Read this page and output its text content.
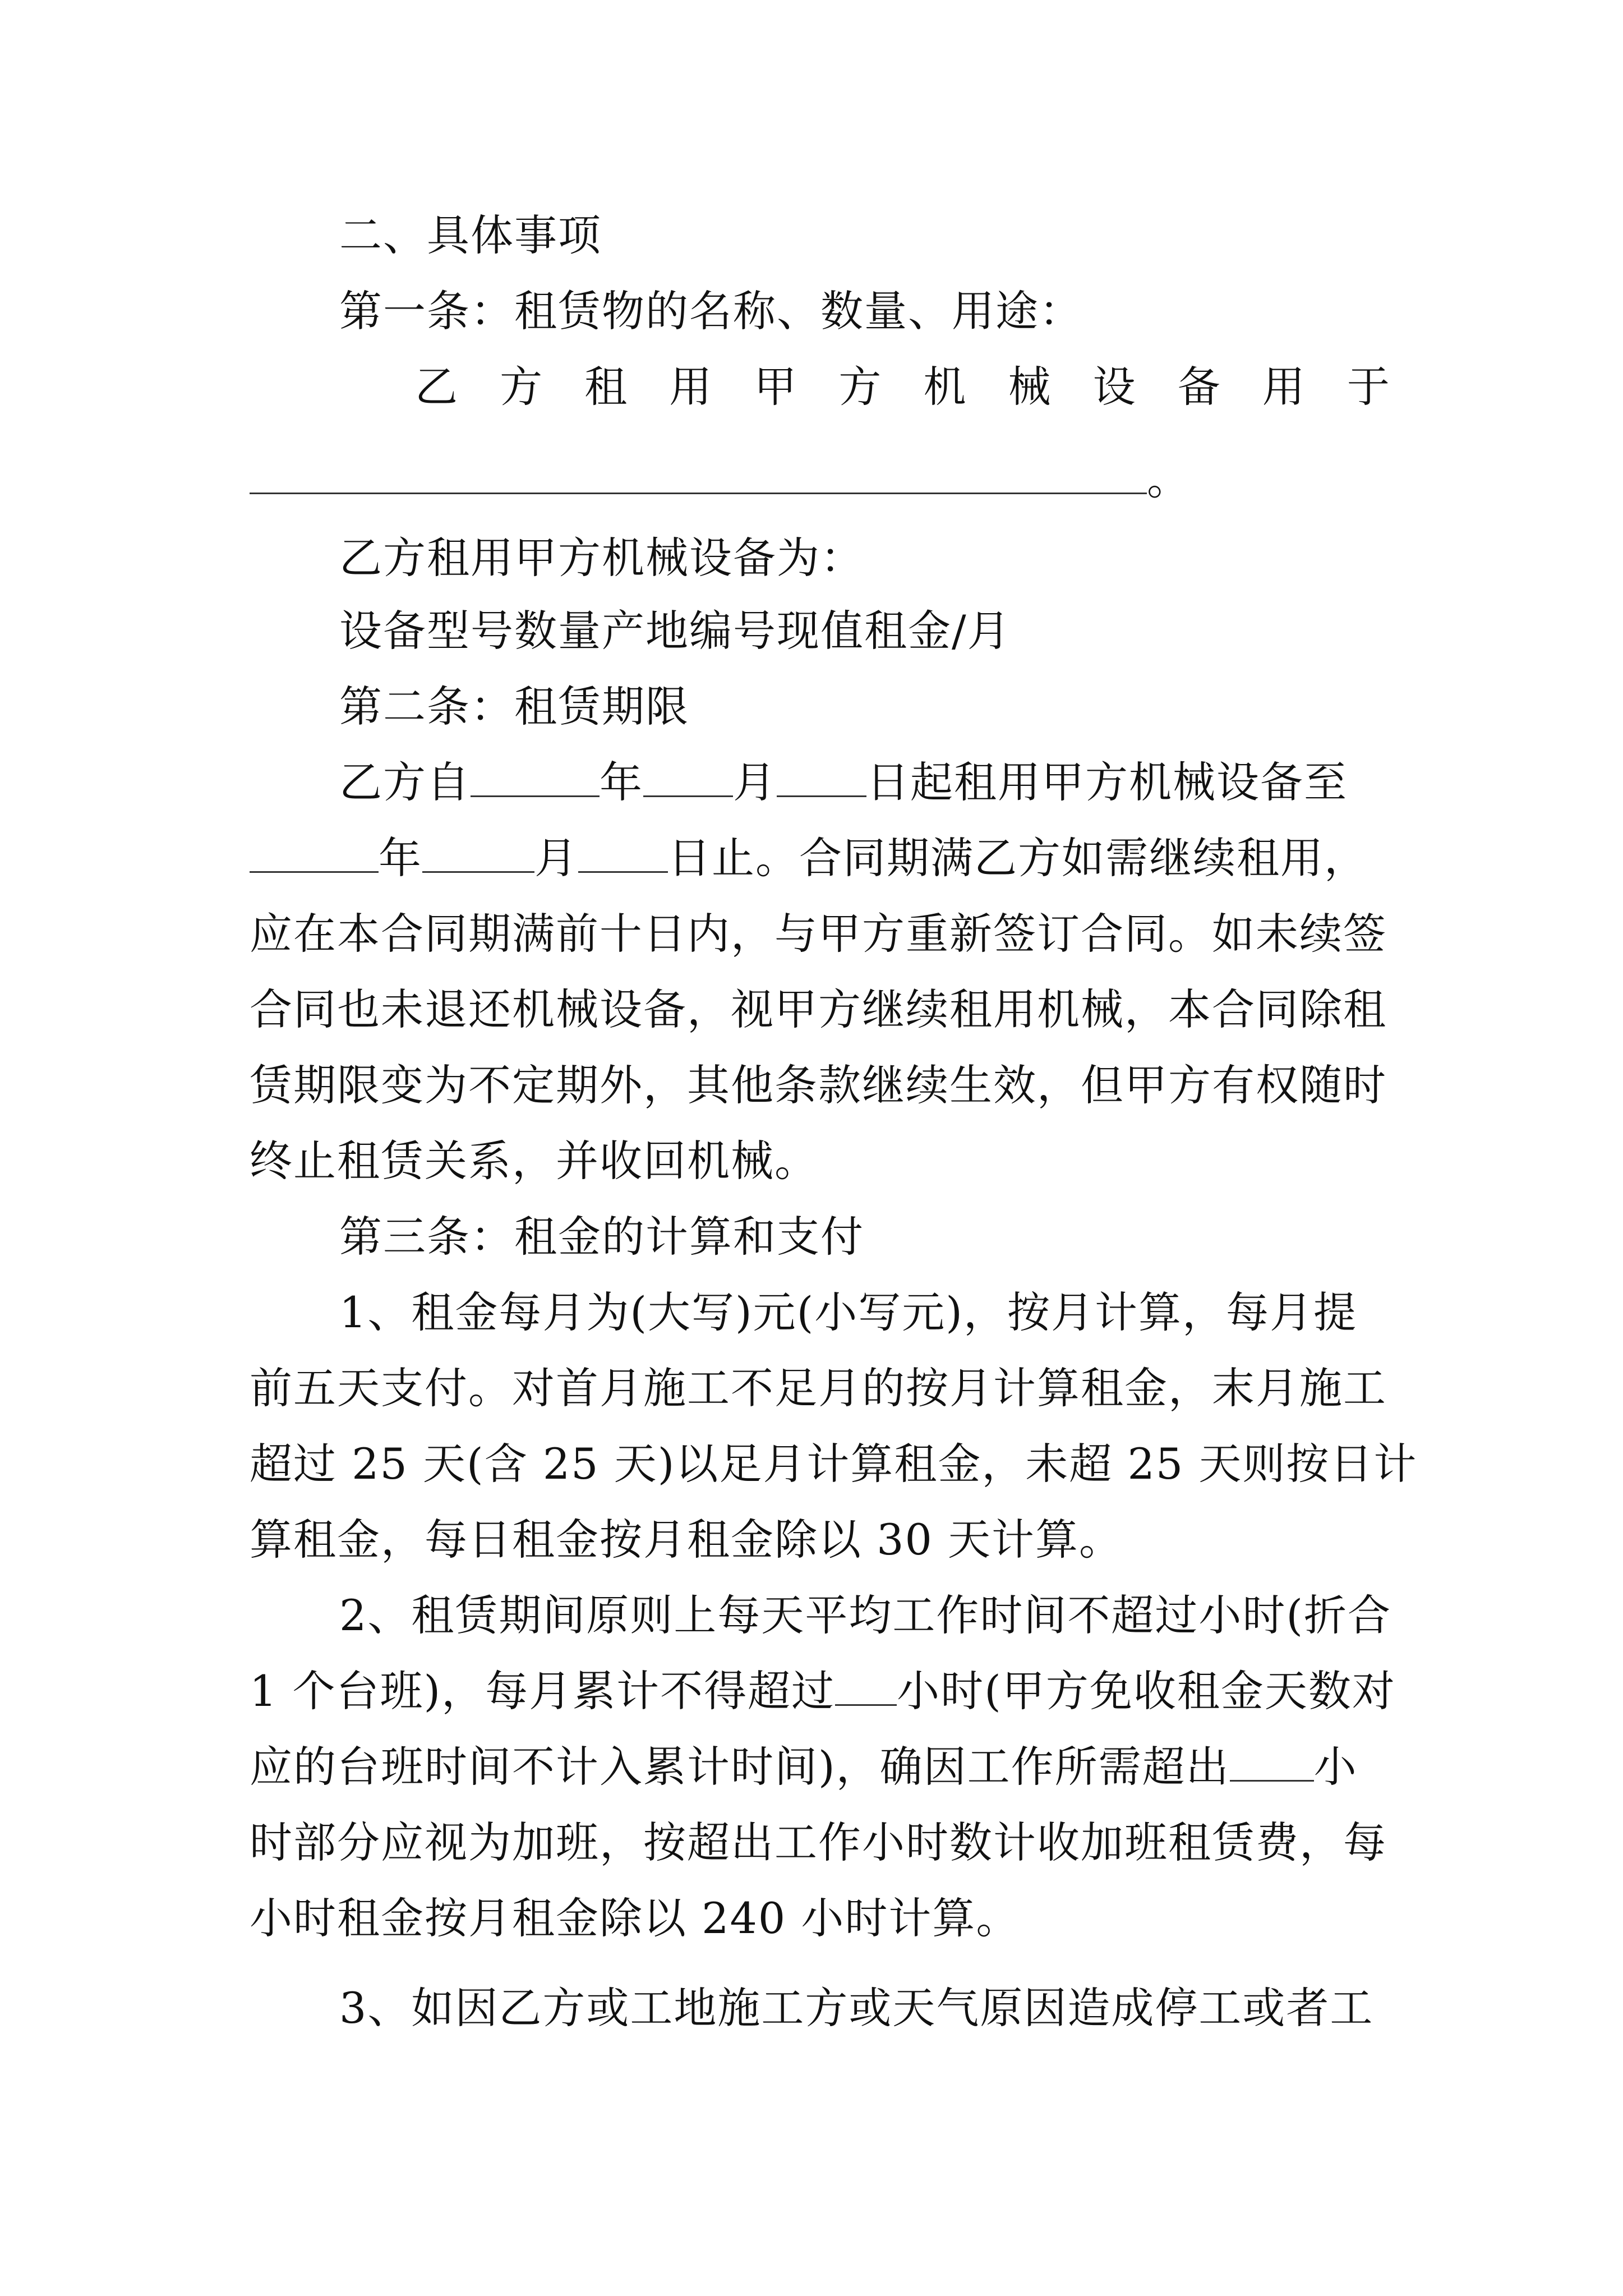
二、具体事项
第一条：租赁物的名称、数量、用途：
乙 方 租 用 甲 方 机 械 设 备 用 于
。
乙方租用甲方机械设备为：
设备型号数量产地编号现值租金/月
第二条：租赁期限
乙方自	年 月 日起租用甲方机械设备至
年	月 日止。合同期满乙方如需继续租用，
应在本合同期满前十日内，与甲方重新签订合同。如未续签
合同也未退还机械设备，视甲方继续租用机械，本合同除租
赁期限变为不定期外，其他条款继续生效，但甲方有权随时
终止租赁关系，并收回机械。
第三条：租金的计算和支付
1、租金每月为(大写)元(小写元)，按月计算，每月提
前五天支付。对首月施工不足月的按月计算租金，末月施工
超过 25 天(含 25 天)以足月计算租金，未超 25 天则按日计
算租金，每日租金按月租金除以 30 天计算。
2、租赁期间原则上每天平均工作时间不超过小时(折合
1 个台班)，每月累计不得超过 小时(甲方免收租金天数对
应的台班时间不计入累计时间)，确因工作所需超出 小
时部分应视为加班，按超出工作小时数计收加班租赁费，每
小时租金按月租金除以 240 小时计算。
3、如因乙方或工地施工方或天气原因造成停工或者工
